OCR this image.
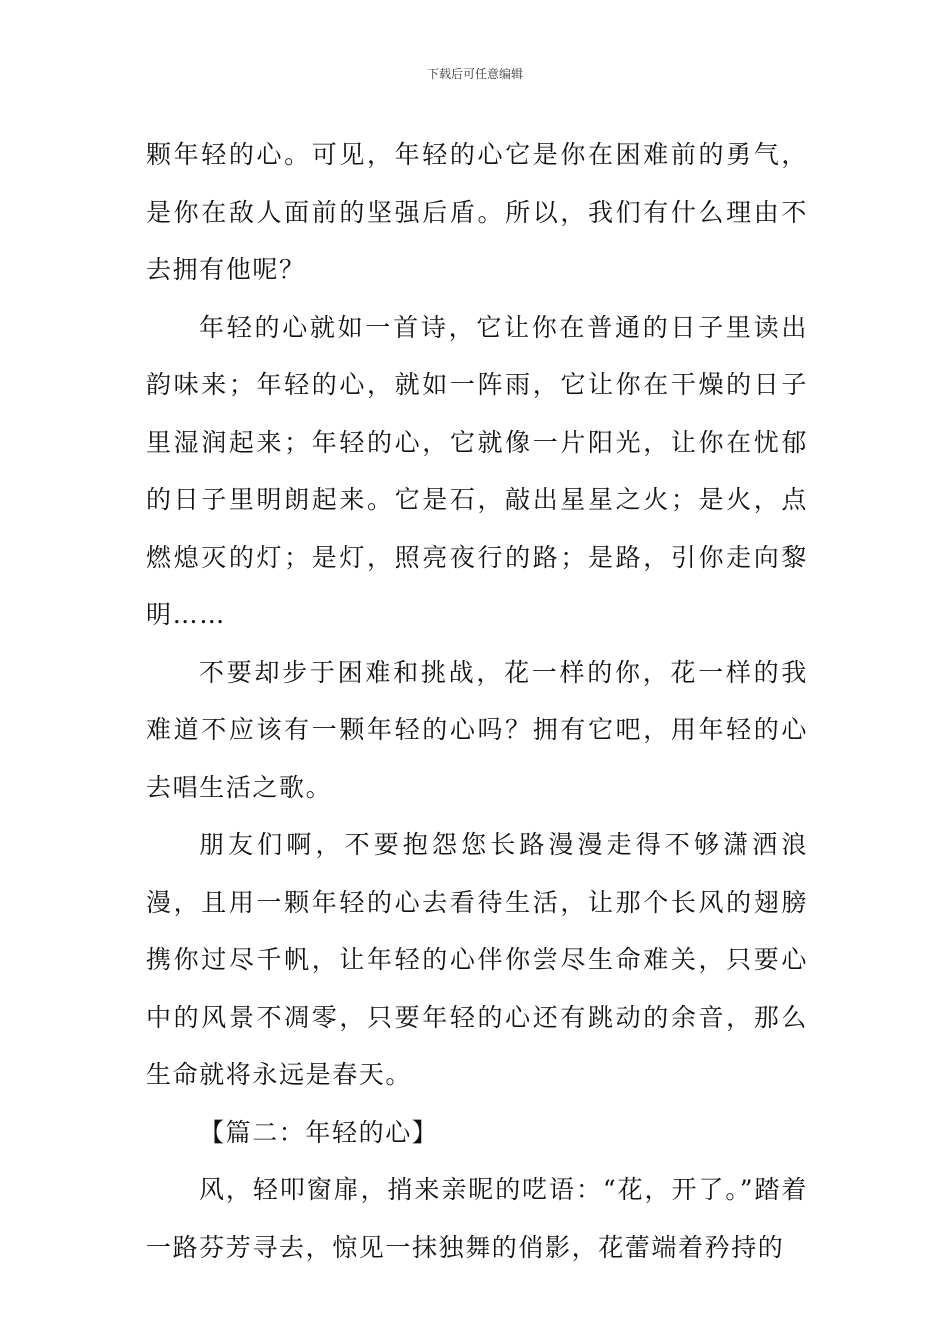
下载后可任意编辑

颗年轻的心。可见，年轻的心它是你在困难前的勇气，是你在敌人面前的坚强后盾。所以，我们有什么理由不去拥有他呢？

年轻的心就如一首诗，它让你在普通的日子里读出韵味来；年轻的心，就如一阵雨，它让你在干燥的日子里湿润起来；年轻的心，它就像一片阳光，让你在忧郁的日子里明朗起来。它是石，敲出星星之火；是火，点燃熄灭的灯；是灯，照亮夜行的路；是路，引你走向黎明……

不要却步于困难和挑战，花一样的你，花一样的我难道不应该有一颗年轻的心吗？拥有它吧，用年轻的心去唱生活之歌。

朋友们啊，不要抱怨您长路漫漫走得不够潇洒浪漫，且用一颗年轻的心去看待生活，让那个长风的翅膀携你过尽千帆，让年轻的心伴你尝尽生命难关，只要心中的风景不凋零，只要年轻的心还有跳动的余音，那么生命就将永远是春天。

【篇二：年轻的心】

风，轻叩窗扉，捎来亲昵的呓语：“花，开了。”踏着一路芬芳寻去，惊见一抹独舞的俏影，花蕾端着矜持的
